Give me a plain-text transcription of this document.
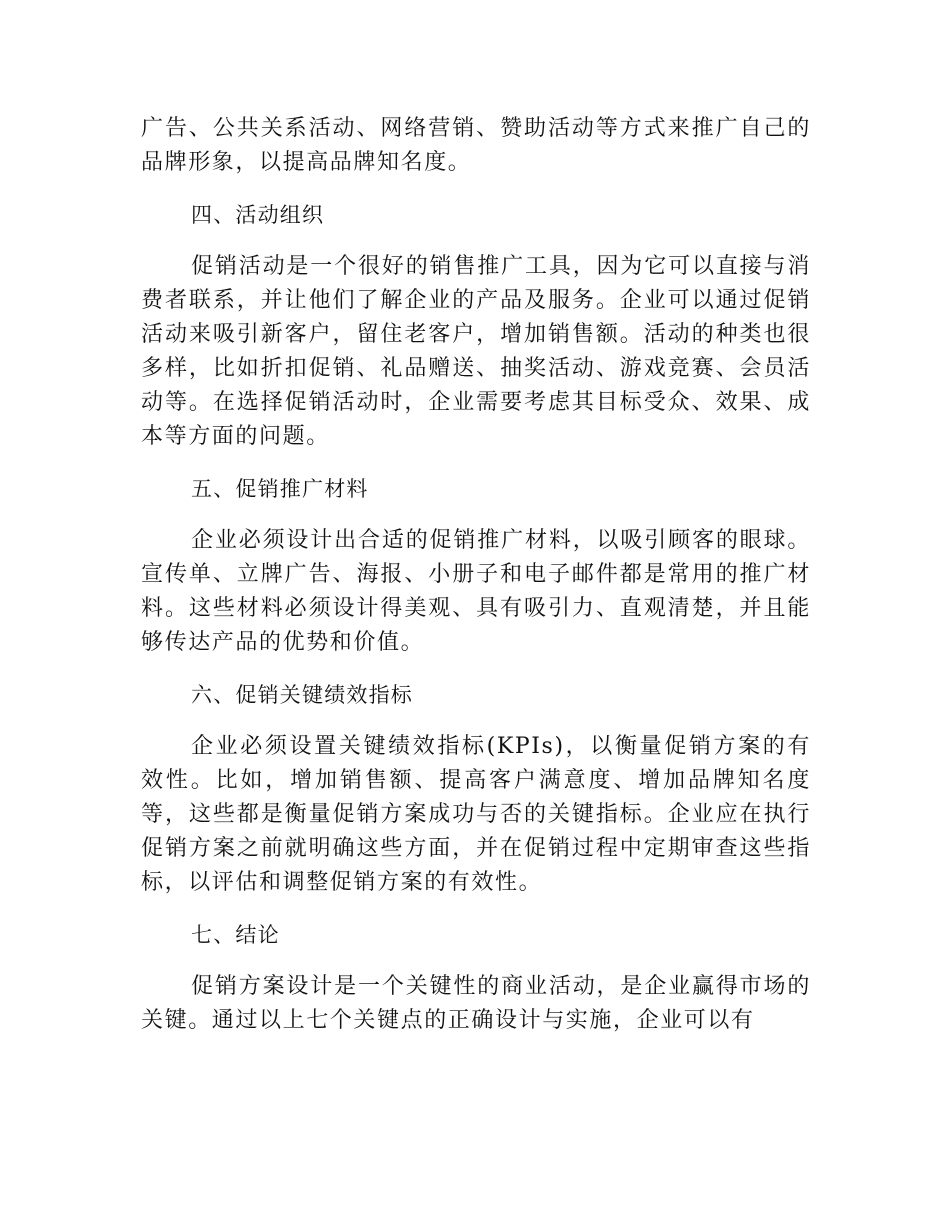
广告、公共关系活动、网络营销、赞助活动等方式来推广自己的品牌形象，以提高品牌知名度。

四、活动组织

促销活动是一个很好的销售推广工具，因为它可以直接与消费者联系，并让他们了解企业的产品及服务。企业可以通过促销活动来吸引新客户，留住老客户，增加销售额。活动的种类也很多样，比如折扣促销、礼品赠送、抽奖活动、游戏竞赛、会员活动等。在选择促销活动时，企业需要考虑其目标受众、效果、成本等方面的问题。

五、促销推广材料

企业必须设计出合适的促销推广材料，以吸引顾客的眼球。宣传单、立牌广告、海报、小册子和电子邮件都是常用的推广材料。这些材料必须设计得美观、具有吸引力、直观清楚，并且能够传达产品的优势和价值。

六、促销关键绩效指标

企业必须设置关键绩效指标(KPIs)，以衡量促销方案的有效性。比如，增加销售额、提高客户满意度、增加品牌知名度等，这些都是衡量促销方案成功与否的关键指标。企业应在执行促销方案之前就明确这些方面，并在促销过程中定期审查这些指标，以评估和调整促销方案的有效性。

七、结论

促销方案设计是一个关键性的商业活动，是企业赢得市场的关键。通过以上七个关键点的正确设计与实施，企业可以有
